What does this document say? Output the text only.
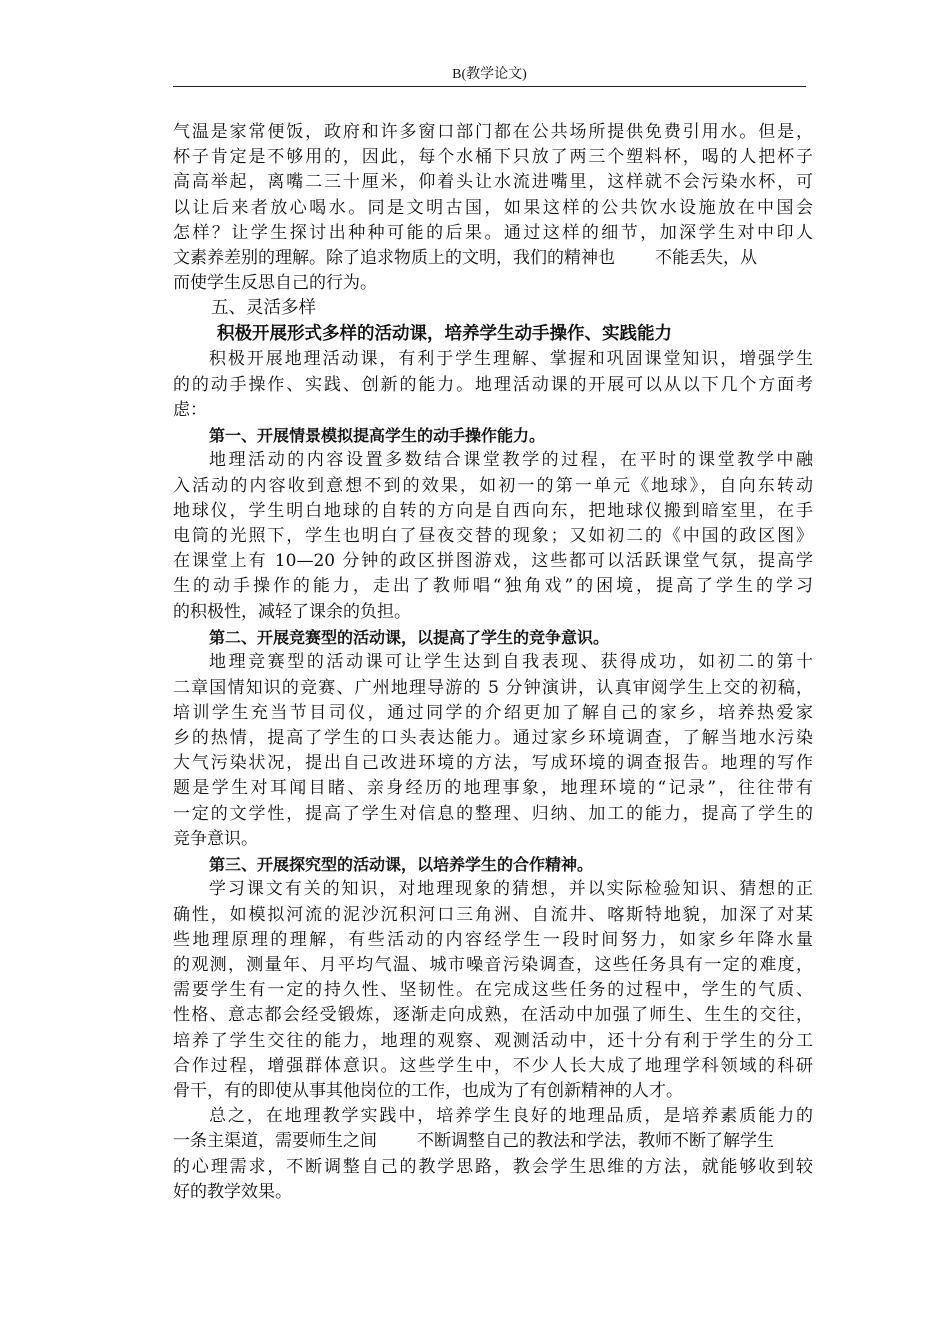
B(教学论文)
气温是家常便饭，政府和许多窗口部门都在公共场所提供免费引用水。但是，
杯子肯定是不够用的，因此，每个水桶下只放了两三个塑料杯，喝的人把杯子
高高举起，离嘴二三十厘米，仰着头让水流进嘴里，这样就不会污染水杯，可
以让后来者放心喝水。同是文明古国，如果这样的公共饮水设施放在中国会
怎样？让学生探讨出种种可能的后果。通过这样的细节，加深学生对中印人
文素养差别的理解。除了追求物质上的文明，我们的精神也 不能丢失，从
而使学生反思自己的行为。
五、灵活多样
积极开展形式多样的活动课，培养学生动手操作、实践能力
积极开展地理活动课，有利于学生理解、掌握和巩固课堂知识，增强学生
的的动手操作、实践、创新的能力。地理活动课的开展可以从以下几个方面考
虑：
第一、开展情景模拟提高学生的动手操作能力。
地理活动的内容设置多数结合课堂教学的过程，在平时的课堂教学中融
入活动的内容收到意想不到的效果，如初一的第一单元《地球》，自向东转动
地球仪，学生明白地球的自转的方向是自西向东，把地球仪搬到暗室里，在手
电筒的光照下，学生也明白了昼夜交替的现象；又如初二的《中国的政区图》
在课堂上有 10—20 分钟的政区拼图游戏，这些都可以活跃课堂气氛，提高学
生的动手操作的能力，走出了教师唱“独角戏”的困境，提高了学生的学习
的积极性，减轻了课余的负担。
第二、开展竞赛型的活动课，以提高了学生的竞争意识。
地理竞赛型的活动课可让学生达到自我表现、获得成功，如初二的第十
二章国情知识的竞赛、广州地理导游的 5 分钟演讲，认真审阅学生上交的初稿，
培训学生充当节目司仪，通过同学的介绍更加了解自己的家乡，培养热爱家
乡的热情，提高了学生的口头表达能力。通过家乡环境调查，了解当地水污染
大气污染状况，提出自己改进环境的方法，写成环境的调查报告。地理的写作
题是学生对耳闻目睹、亲身经历的地理事象，地理环境的“记录”，往往带有
一定的文学性，提高了学生对信息的整理、归纳、加工的能力，提高了学生的
竞争意识。
第三、开展探究型的活动课，以培养学生的合作精神。
学习课文有关的知识，对地理现象的猜想，并以实际检验知识、猜想的正
确性，如模拟河流的泥沙沉积河口三角洲、自流井、喀斯特地貌，加深了对某
些地理原理的理解，有些活动的内容经学生一段时间努力，如家乡年降水量
的观测，测量年、月平均气温、城市噪音污染调查，这些任务具有一定的难度，
需要学生有一定的持久性、坚韧性。在完成这些任务的过程中，学生的气质、
性格、意志都会经受锻炼，逐渐走向成熟，在活动中加强了师生、生生的交往，
培养了学生交往的能力，地理的观察、观测活动中，还十分有利于学生的分工
合作过程，增强群体意识。这些学生中，不少人长大成了地理学科领域的科研
骨干，有的即使从事其他岗位的工作，也成为了有创新精神的人才。
总之，在地理教学实践中，培养学生良好的地理品质，是培养素质能力的
一条主渠道，需要师生之间 不断调整自己的教法和学法，教师不断了解学生
的心理需求，不断调整自己的教学思路，教会学生思维的方法，就能够收到较
好的教学效果。
